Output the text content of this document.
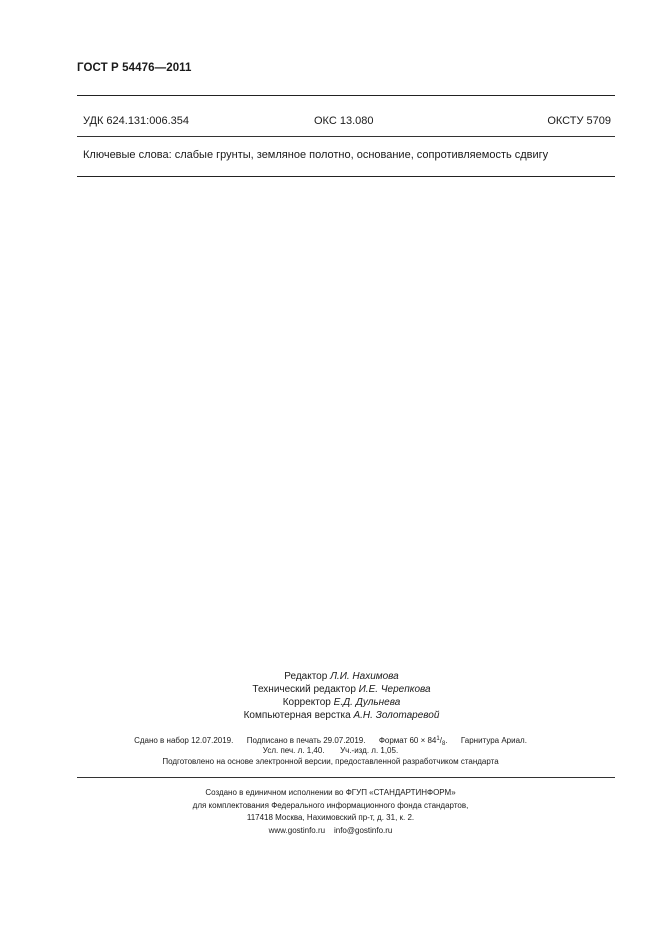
ГОСТ Р 54476—2011
УДК 624.131:006.354	ОКС 13.080	ОКСТУ 5709
Ключевые слова: слабые грунты, земляное полотно, основание, сопротивляемость сдвигу
Редактор Л.И. Нахимова
Технический редактор И.Е. Черепкова
Корректор Е.Д. Дульнева
Компьютерная верстка А.Н. Золотаревой
Сдано в набор 12.07.2019. Подписано в печать 29.07.2019. Формат $60 \times 84^1/_8$. Гарнитура Ариал.
Усл. печ. л. 1,40. Уч.-изд. л. 1,05.
Подготовлено на основе электронной версии, предоставленной разработчиком стандарта
Создано в единичном исполнении во ФГУП «СТАНДАРТИНФОРМ»
для комплектования Федерального информационного фонда стандартов,
117418 Москва, Нахимовский пр-т, д. 31, к. 2.
www.gostinfo.ru info@gostinfo.ru
